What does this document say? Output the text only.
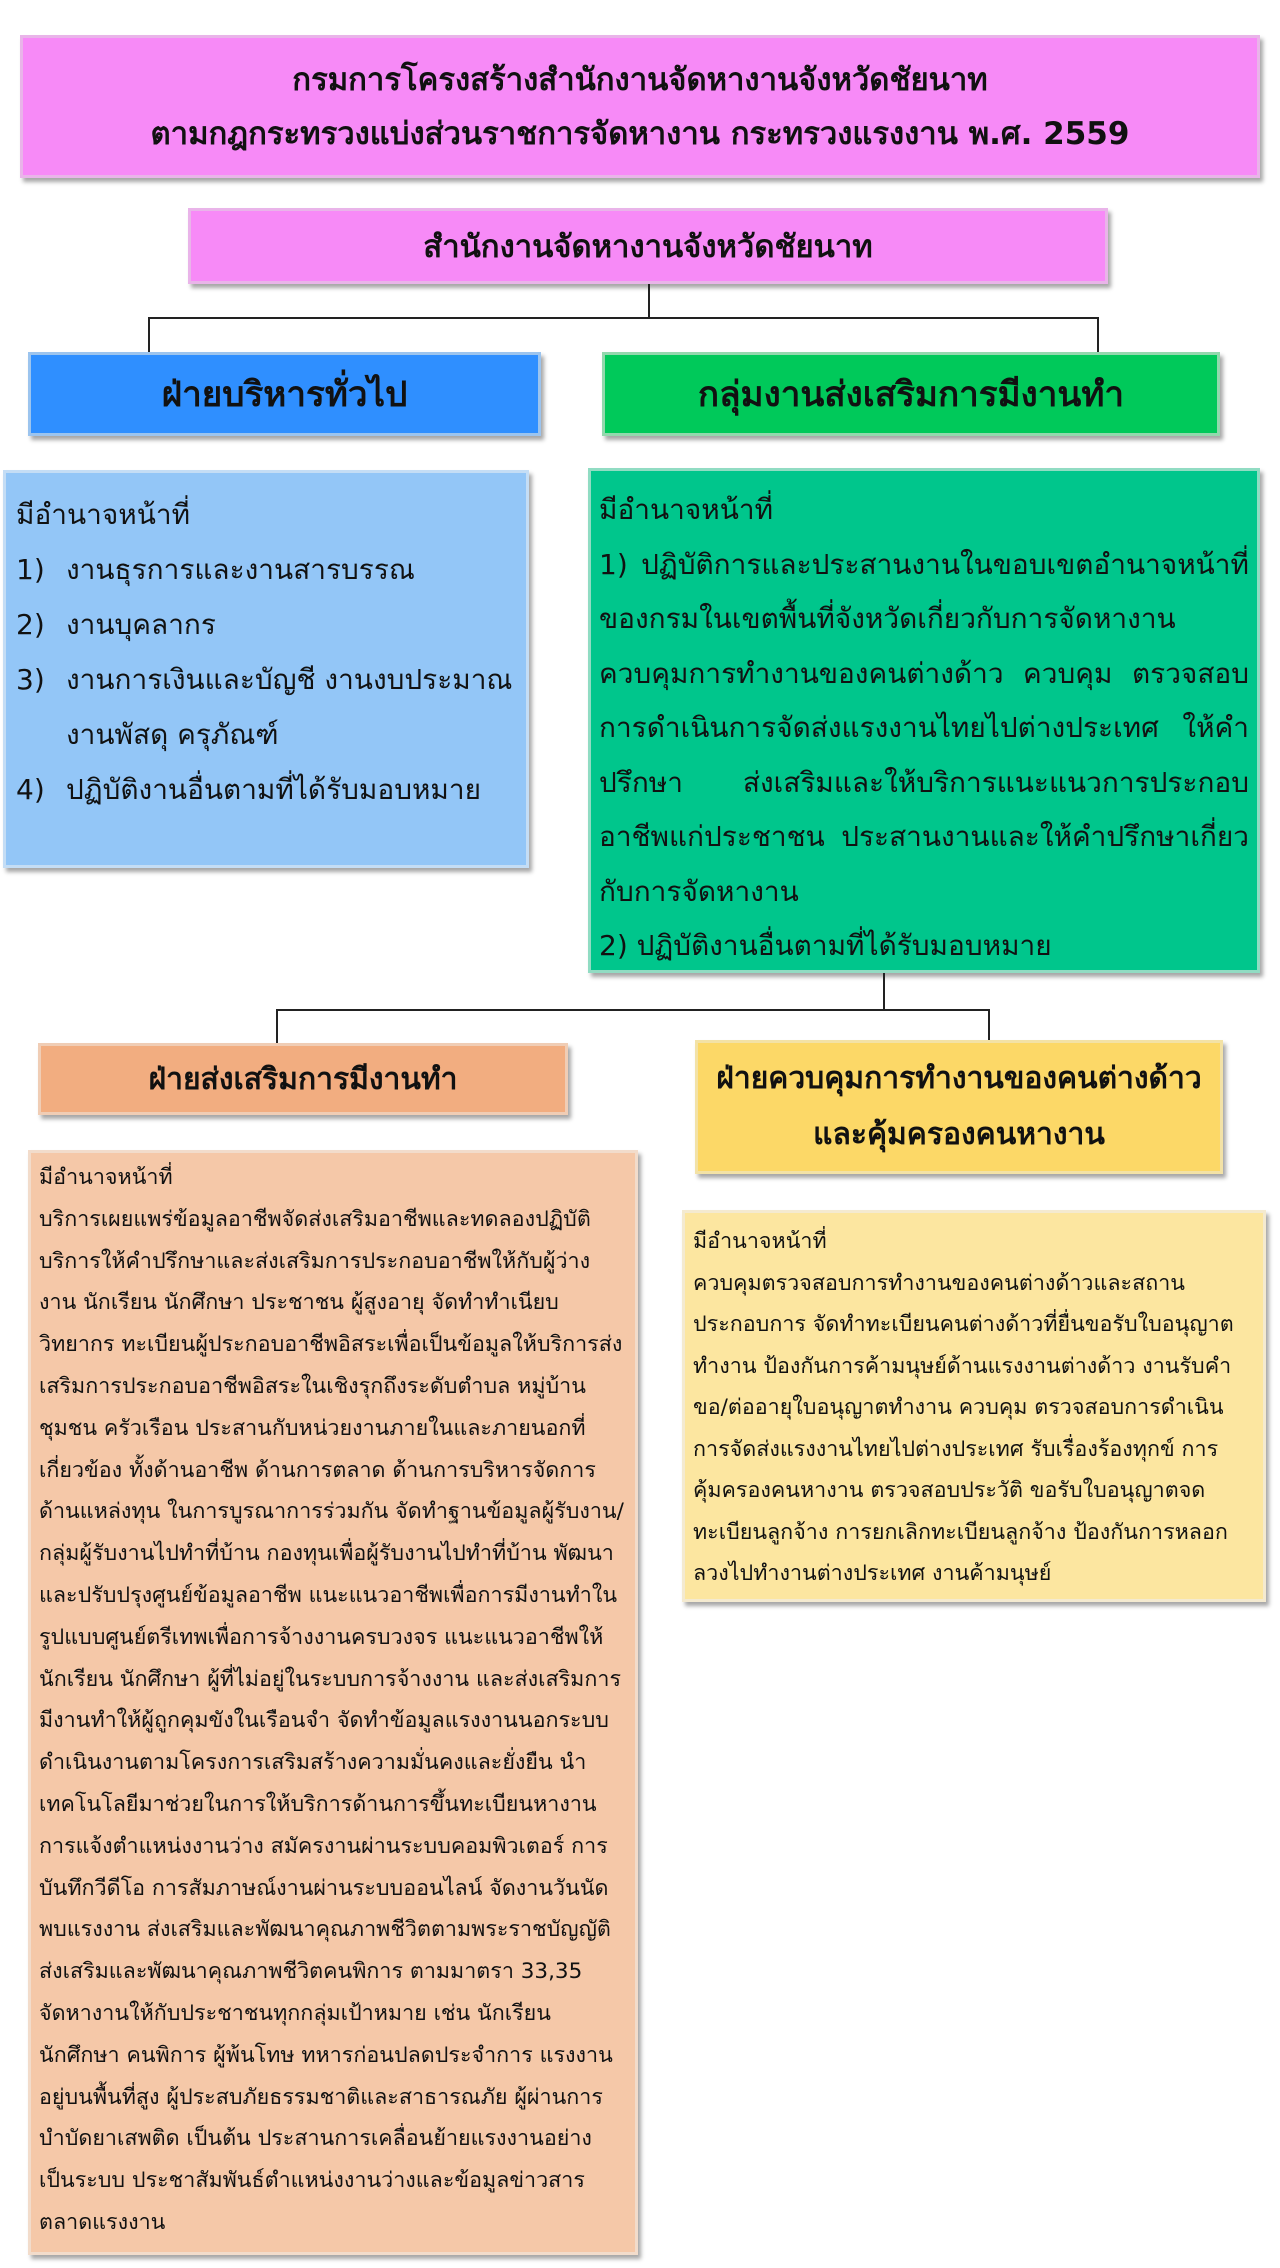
กรมการโครงสร้างสำนักงานจัดหางานจังหวัดชัยนาท
ตามกฎกระทรวงแบ่งส่วนราชการจัดหางาน กระทรวงแรงงาน พ.ศ. 2559
สำนักงานจัดหางานจังหวัดชัยนาท
ฝ่ายบริหารทั่วไป	กลุ่มงานส่งเสริมการมีงานทำ
มีอำนาจหน้าที่
1) งานธุรการและงานสารบรรณ
2) งานบุคลากร
3) งานการเงินและบัญชี งานงบประมาณ งานพัสดุ ครุภัณฑ์
4) ปฏิบัติงานอื่นตามที่ได้รับมอบหมาย
มีอำนาจหน้าที่
1) ปฏิบัติการและประสานงานในขอบเขตอำนาจหน้าที่ของกรมในเขตพื้นที่จังหวัดเกี่ยวกับการจัดหางาน ควบคุมการทำงานของคนต่างด้าว ควบคุม ตรวจสอบการดำเนินการจัดส่งแรงงานไทยไปต่างประเทศ ให้คำปรึกษา ส่งเสริมและให้บริการแนะแนวการประกอบอาชีพแก่ประชาชน ประสานงานและให้คำปรึกษาเกี่ยวกับการจัดหางาน
2) ปฏิบัติงานอื่นตามที่ได้รับมอบหมาย
ฝ่ายส่งเสริมการมีงานทำ	ฝ่ายควบคุมการทำงานของคนต่างด้าว
และคุ้มครองคนหางาน
มีอำนาจหน้าที่
บริการเผยแพร่ข้อมูลอาชีพจัดส่งเสริมอาชีพและทดลองปฏิบัติ บริการให้คำปรึกษาและส่งเสริมการประกอบอาชีพให้กับผู้ว่างงาน นักเรียน นักศึกษา ประชาชน ผู้สูงอายุ จัดทำทำเนียบวิทยากร ทะเบียนผู้ประกอบอาชีพอิสระเพื่อเป็นข้อมูลให้บริการส่งเสริมการประกอบอาชีพอิสระในเชิงรุกถึงระดับตำบล หมู่บ้าน ชุมชน ครัวเรือน ประสานกับหน่วยงานภายในและภายนอกที่เกี่ยวข้อง ทั้งด้านอาชีพ ด้านการตลาด ด้านการบริหารจัดการ ด้านแหล่งทุน ในการบูรณาการร่วมกัน จัดทำฐานข้อมูลผู้รับงาน/กลุ่มผู้รับงานไปทำที่บ้าน กองทุนเพื่อผู้รับงานไปทำที่บ้าน พัฒนาและปรับปรุงศูนย์ข้อมูลอาชีพ แนะแนวอาชีพเพื่อการมีงานทำในรูปแบบศูนย์ตรีเทพเพื่อการจ้างงานครบวงจร แนะแนวอาชีพให้นักเรียน นักศึกษา ผู้ที่ไม่อยู่ในระบบการจ้างงาน และส่งเสริมการมีงานทำให้ผู้ถูกคุมขังในเรือนจำ จัดทำข้อมูลแรงงานนอกระบบ ดำเนินงานตามโครงการเสริมสร้างความมั่นคงและยั่งยืน นำเทคโนโลยีมาช่วยในการให้บริการด้านการขึ้นทะเบียนหางาน การแจ้งตำแหน่งงานว่าง สมัครงานผ่านระบบคอมพิวเตอร์ การบันทึกวีดีโอ การสัมภาษณ์งานผ่านระบบออนไลน์ จัดงานวันนัดพบแรงงาน ส่งเสริมและพัฒนาคุณภาพชีวิตตามพระราชบัญญัติส่งเสริมและพัฒนาคุณภาพชีวิตคนพิการ ตามมาตรา 33,35 จัดหางานให้กับประชาชนทุกกลุ่มเป้าหมาย เช่น นักเรียน นักศึกษา คนพิการ ผู้พ้นโทษ ทหารก่อนปลดประจำการ แรงงานอยู่บนพื้นที่สูง ผู้ประสบภัยธรรมชาติและสาธารณภัย ผู้ผ่านการบำบัดยาเสพติด เป็นต้น ประสานการเคลื่อนย้ายแรงงานอย่างเป็นระบบ ประชาสัมพันธ์ตำแหน่งงานว่างและข้อมูลข่าวสารตลาดแรงงาน
มีอำนาจหน้าที่
ควบคุมตรวจสอบการทำงานของคนต่างด้าวและสถานประกอบการ จัดทำทะเบียนคนต่างด้าวที่ยื่นขอรับใบอนุญาตทำงาน ป้องกันการค้ามนุษย์ด้านแรงงานต่างด้าว งานรับคำขอ/ต่ออายุใบอนุญาตทำงาน ควบคุม ตรวจสอบการดำเนินการจัดส่งแรงงานไทยไปต่างประเทศ รับเรื่องร้องทุกข์ การคุ้มครองคนหางาน ตรวจสอบประวัติ ขอรับใบอนุญาตจดทะเบียนลูกจ้าง การยกเลิกทะเบียนลูกจ้าง ป้องกันการหลอกลวงไปทำงานต่างประเทศ งานค้ามนุษย์
